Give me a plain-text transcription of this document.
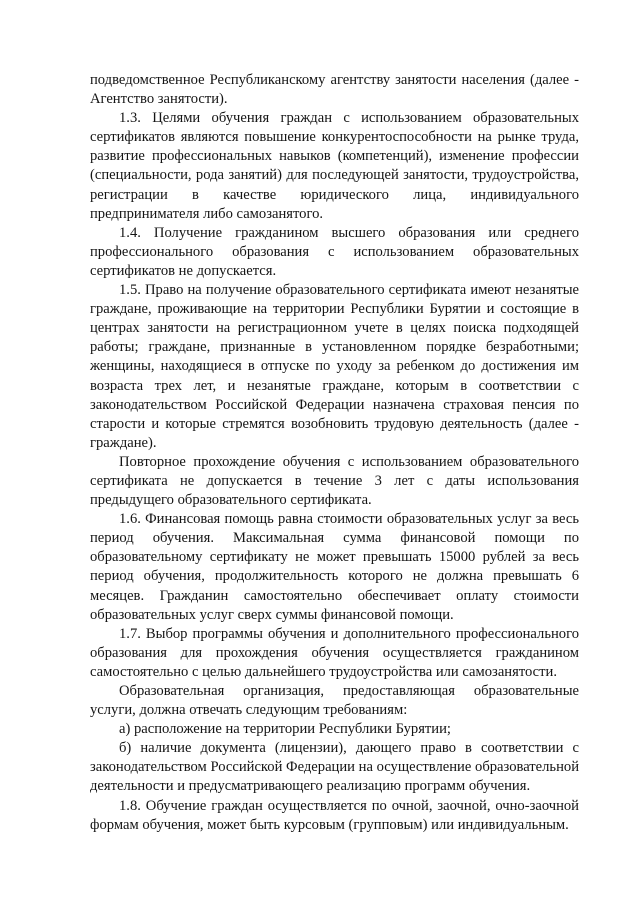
подведомственное Республиканскому агентству занятости населения (далее - Агентство занятости).

1.3. Целями обучения граждан с использованием образовательных сертификатов являются повышение конкурентоспособности на рынке труда, развитие профессиональных навыков (компетенций), изменение профессии (специальности, рода занятий) для последующей занятости, трудоустройства, регистрации в качестве юридического лица, индивидуального предпринимателя либо самозанятого.

1.4. Получение гражданином высшего образования или среднего профессионального образования с использованием образовательных сертификатов не допускается.

1.5. Право на получение образовательного сертификата имеют незанятые граждане, проживающие на территории Республики Бурятии и состоящие в центрах занятости на регистрационном учете в целях поиска подходящей работы; граждане, признанные в установленном порядке безработными; женщины, находящиеся в отпуске по уходу за ребенком до достижения им возраста трех лет, и незанятые граждане, которым в соответствии с законодательством Российской Федерации назначена страховая пенсия по старости и которые стремятся возобновить трудовую деятельность (далее - граждане).

Повторное прохождение обучения с использованием образовательного сертификата не допускается в течение 3 лет с даты использования предыдущего образовательного сертификата.

1.6. Финансовая помощь равна стоимости образовательных услуг за весь период обучения. Максимальная сумма финансовой помощи по образовательному сертификату не может превышать 15000 рублей за весь период обучения, продолжительность которого не должна превышать 6 месяцев. Гражданин самостоятельно обеспечивает оплату стоимости образовательных услуг сверх суммы финансовой помощи.

1.7. Выбор программы обучения и дополнительного профессионального образования для прохождения обучения осуществляется гражданином самостоятельно с целью дальнейшего трудоустройства или самозанятости.

Образовательная организация, предоставляющая образовательные услуги, должна отвечать следующим требованиям:

а) расположение на территории Республики Бурятии;

б) наличие документа (лицензии), дающего право в соответствии с законодательством Российской Федерации на осуществление образовательной деятельности и предусматривающего реализацию программ обучения.

1.8. Обучение граждан осуществляется по очной, заочной, очно-заочной формам обучения, может быть курсовым (групповым) или индивидуальным.
